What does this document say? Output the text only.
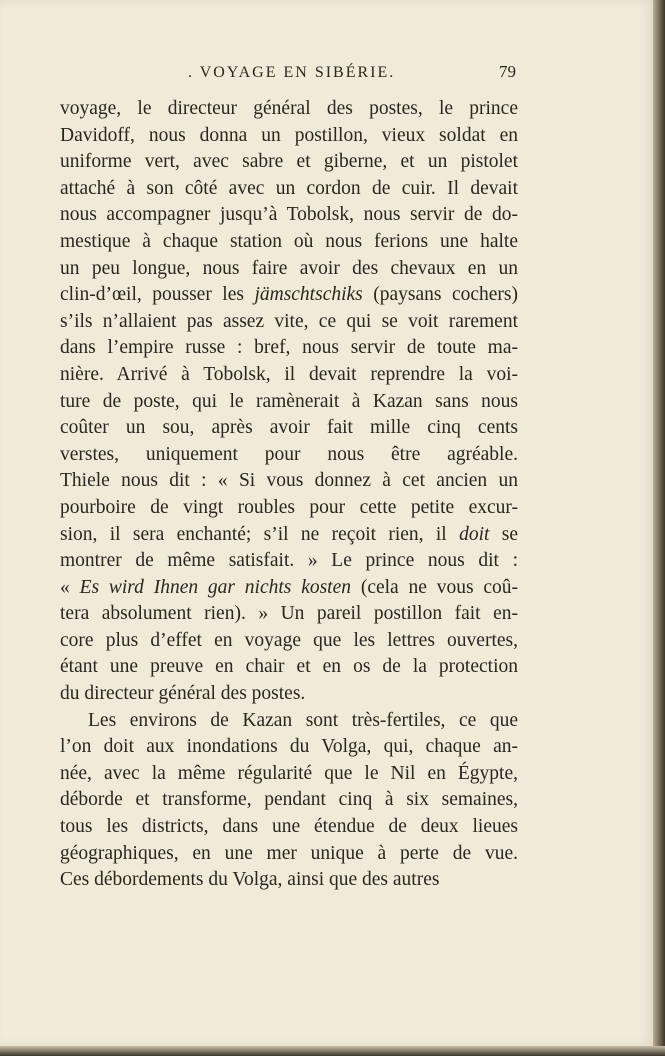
. VOYAGE EN SIBÉRIE.	79
voyage, le directeur général des postes, le prince
Davidoff, nous donna un postillon, vieux soldat en
uniforme vert, avec sabre et giberne, et un pistolet
attaché à son côté avec un cordon de cuir. Il devait
nous accompagner jusqu’à Tobolsk, nous servir de do-
mestique à chaque station où nous ferions une halte
un peu longue, nous faire avoir des chevaux en un
clin-d’œil, pousser les jämschtschiks (paysans cochers)
s’ils n’allaient pas assez vite, ce qui se voit rarement
dans l’empire russe : bref, nous servir de toute ma-
nière. Arrivé à Tobolsk, il devait reprendre la voi-
ture de poste, qui le ramènerait à Kazan sans nous
coûter un sou, après avoir fait mille cinq cents
verstes, uniquement pour nous être agréable.
Thiele nous dit : « Si vous donnez à cet ancien un
pourboire de vingt roubles pour cette petite excur-
sion, il sera enchanté; s’il ne reçoit rien, il doit se
montrer de même satisfait. » Le prince nous dit :
« Es wird Ihnen gar nichts kosten (cela ne vous coû-
tera absolument rien). » Un pareil postillon fait en-
core plus d’effet en voyage que les lettres ouvertes,
étant une preuve en chair et en os de la protection
du directeur général des postes.
Les environs de Kazan sont très-fertiles, ce que
l’on doit aux inondations du Volga, qui, chaque an-
née, avec la même régularité que le Nil en Égypte,
déborde et transforme, pendant cinq à six semaines,
tous les districts, dans une étendue de deux lieues
géographiques, en une mer unique à perte de vue.
Ces débordements du Volga, ainsi que des autres
